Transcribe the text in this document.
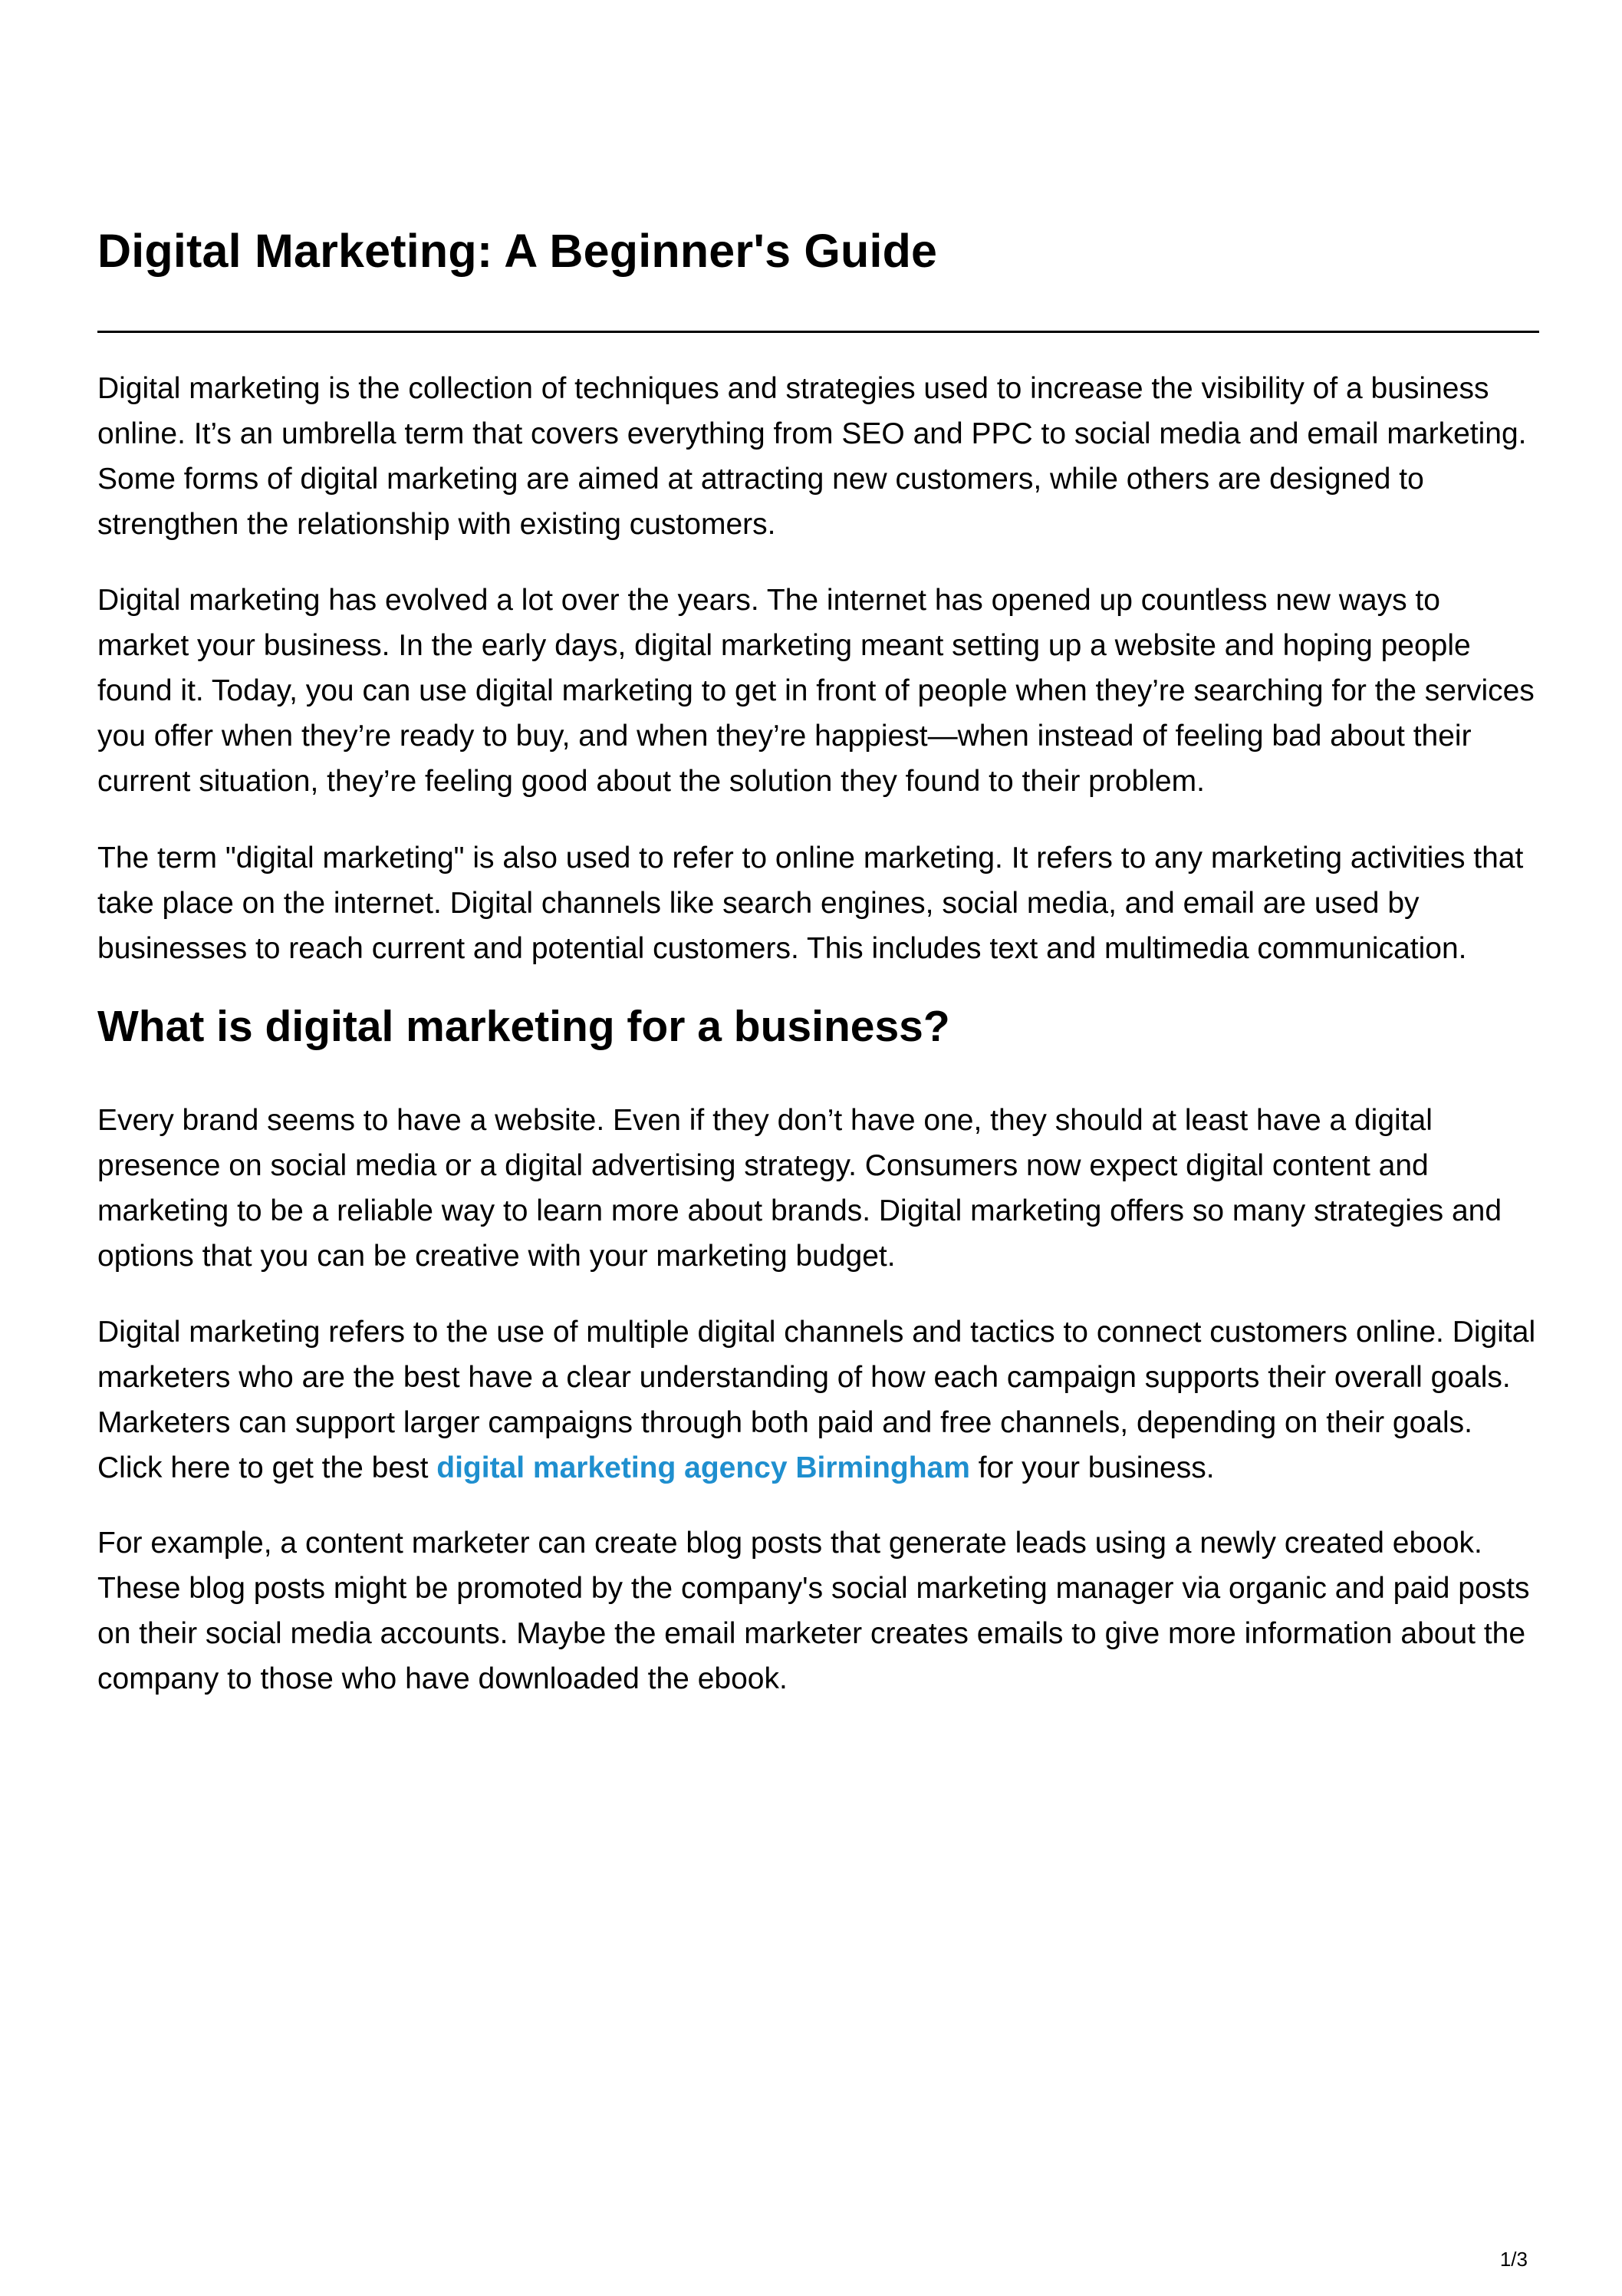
Digital Marketing: A Beginner's Guide

Digital marketing is the collection of techniques and strategies used to increase the visibility of a business online. It’s an umbrella term that covers everything from SEO and PPC to social media and email marketing. Some forms of digital marketing are aimed at attracting new customers, while others are designed to strengthen the relationship with existing customers.

Digital marketing has evolved a lot over the years. The internet has opened up countless new ways to market your business. In the early days, digital marketing meant setting up a website and hoping people found it. Today, you can use digital marketing to get in front of people when they’re searching for the services you offer when they’re ready to buy, and when they’re happiest—when instead of feeling bad about their current situation, they’re feeling good about the solution they found to their problem.

The term "digital marketing" is also used to refer to online marketing. It refers to any marketing activities that take place on the internet. Digital channels like search engines, social media, and email are used by businesses to reach current and potential customers. This includes text and multimedia communication.

What is digital marketing for a business?

Every brand seems to have a website. Even if they don’t have one, they should at least have a digital presence on social media or a digital advertising strategy. Consumers now expect digital content and marketing to be a reliable way to learn more about brands. Digital marketing offers so many strategies and options that you can be creative with your marketing budget.

Digital marketing refers to the use of multiple digital channels and tactics to connect customers online. Digital marketers who are the best have a clear understanding of how each campaign supports their overall goals. Marketers can support larger campaigns through both paid and free channels, depending on their goals. Click here to get the best digital marketing agency Birmingham for your business.

For example, a content marketer can create blog posts that generate leads using a newly created ebook. These blog posts might be promoted by the company's social marketing manager via organic and paid posts on their social media accounts. Maybe the email marketer creates emails to give more information about the company to those who have downloaded the ebook.

1/3
